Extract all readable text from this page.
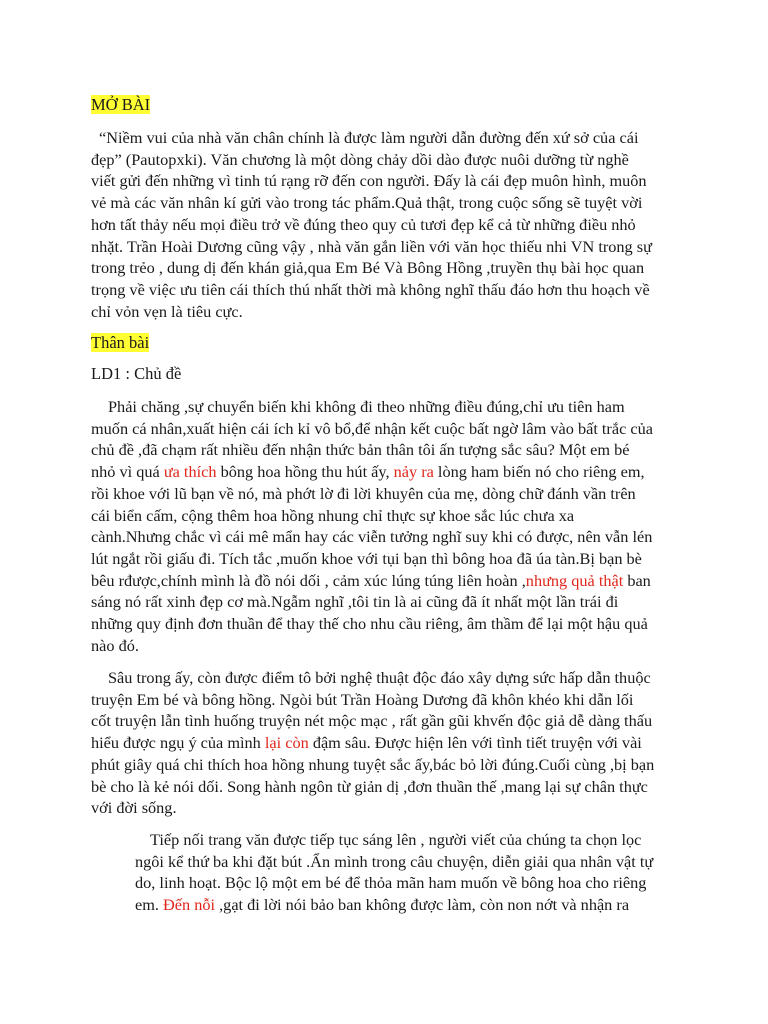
MỞ BÀI
“Niềm vui của nhà văn chân chính là được làm người dẫn đường đến xứ sở của cái
đẹp” (Pautopxki). Văn chương là một dòng chảy dồi dào được nuôi dưỡng từ nghề
viết gửi đến những vì tinh tú rạng rỡ đến con người. Đấy là cái đẹp muôn hình, muôn
vẻ mà các văn nhân kí gửi vào trong tác phẩm.Quả thật, trong cuộc sống sẽ tuyệt vời
hơn tất thảy nếu mọi điều trở về đúng theo quy củ tươi đẹp kể cả từ những điều nhỏ
nhặt. Trần Hoài Dương cũng vậy , nhà văn gắn liền với văn học thiếu nhi VN trong sự
trong trẻo , dung dị đến khán giả,qua Em Bé Và Bông Hồng ,truyền thụ bài học quan
trọng về việc ưu tiên cái thích thú nhất thời mà không nghĩ thấu đáo hơn thu hoạch về
chỉ vỏn vẹn là tiêu cực.
Thân bài
LD1 : Chủ đề
Phải chăng ,sự chuyển biến khi không đi theo những điều đúng,chỉ ưu tiên ham
muốn cá nhân,xuất hiện cái ích kỉ vô bổ,để nhận kết cuộc bất ngờ lâm vào bất trắc của
chủ đề ,đã chạm rất nhiều đến nhận thức bản thân tôi ấn tượng sắc sâu? Một em bé
nhỏ vì quá ưa thích bông hoa hồng thu hút ấy, nảy ra lòng ham biến nó cho riêng em,
rồi khoe với lũ bạn về nó, mà phớt lờ đi lời khuyên của mẹ, dòng chữ đánh vần trên
cái biển cấm, cộng thêm hoa hồng nhung chỉ thực sự khoe sắc lúc chưa xa
cành.Nhưng chắc vì cái mê mẩn hay các viễn tưởng nghĩ suy khi có được, nên vẫn lén
lút ngắt rồi giấu đi. Tích tắc ,muốn khoe với tụi bạn thì bông hoa đã úa tàn.Bị bạn bè
bêu rđược,chính mình là đồ nói dối , cảm xúc lúng túng liên hoàn ,nhưng quả thật ban
sáng nó rất xinh đẹp cơ mà.Ngẫm nghĩ ,tôi tin là ai cũng đã ít nhất một lần trái đi
những quy định đơn thuần để thay thế cho nhu cầu riêng, âm thầm để lại một hậu quả
nào đó.
Sâu trong ấy, còn được điểm tô bởi nghệ thuật độc đáo xây dựng sức hấp dẫn thuộc
truyện Em bé và bông hồng. Ngòi bút Trần Hoàng Dương đã khôn khéo khi dẫn lối
cốt truyện lẫn tình huống truyện nét mộc mạc , rất gần gũi khvến độc giả dễ dàng thấu
hiểu được ngụ ý của mình lại còn đậm sâu. Được hiện lên với tình tiết truyện với vài
phút giây quá chi thích hoa hồng nhung tuyệt sắc ấy,bác bỏ lời đúng.Cuối cùng ,bị bạn
bè cho là kẻ nói dối. Song hành ngôn từ giản dị ,đơn thuần thế ,mang lại sự chân thực
với đời sống.
Tiếp nối trang văn được tiếp tục sáng lên , người viết của chúng ta chọn lọc
ngôi kể thứ ba khi đặt bút .Ẩn mình trong câu chuyện, diễn giải qua nhân vật tự
do, linh hoạt. Bộc lộ một em bé để thỏa mãn ham muốn về bông hoa cho riêng
em. Đến nỗi ,gạt đi lời nói bảo ban không được làm, còn non nớt và nhận ra
